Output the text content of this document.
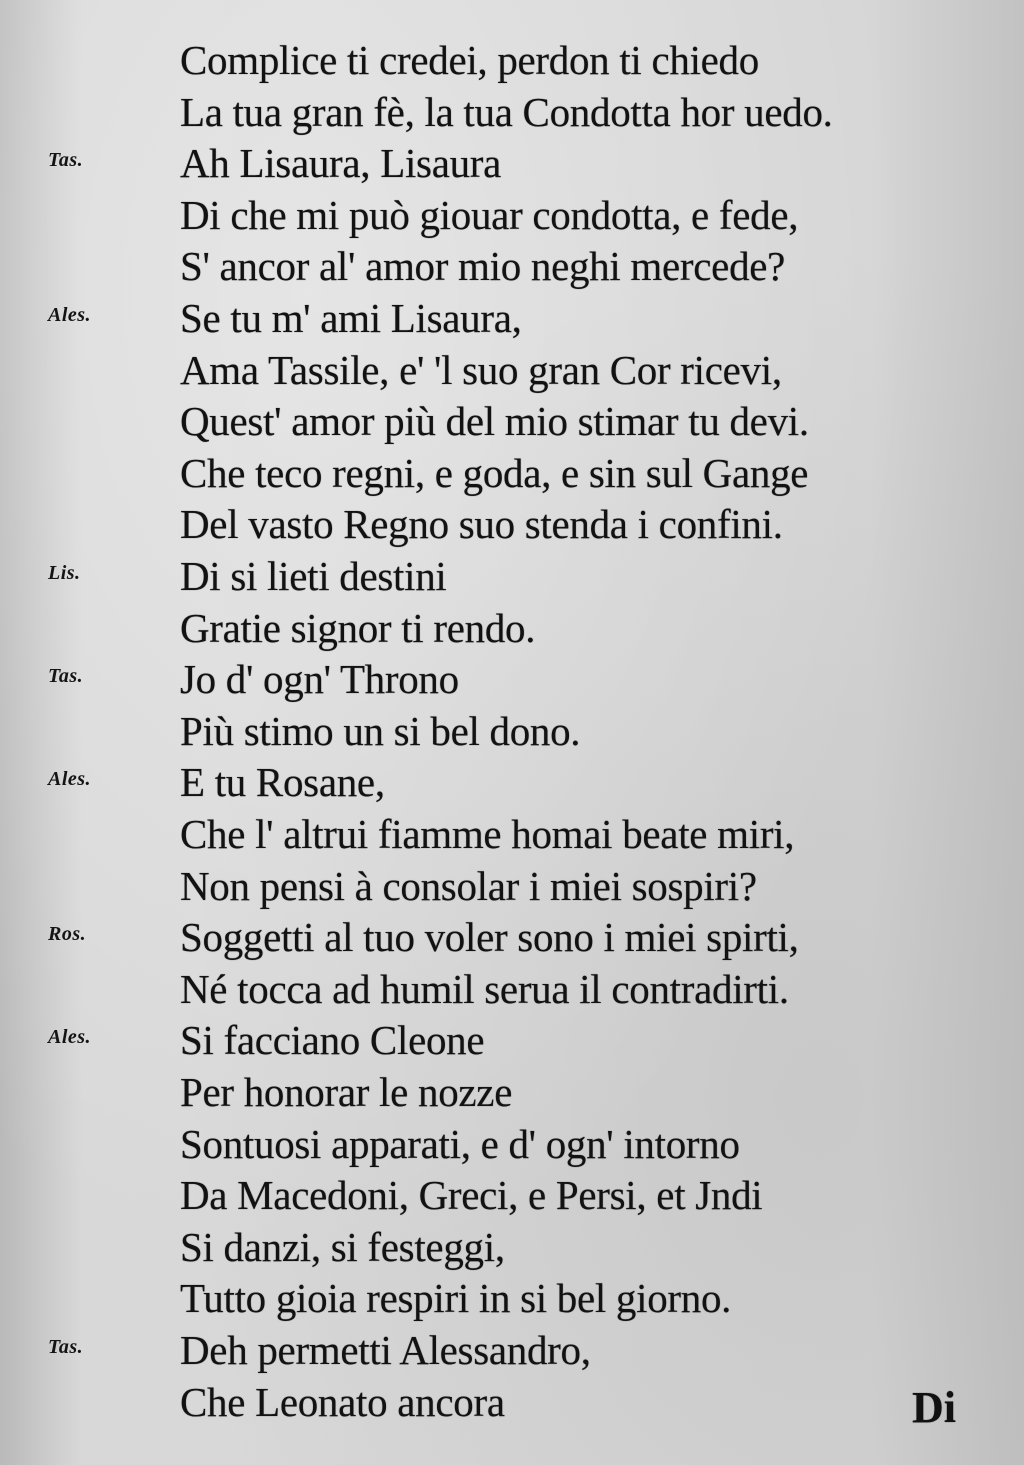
Complice ti credei, perdon ti chiedo
La tua gran fè, la tua Condotta hor uedo.
Tas.	Ah Lisaura, Lisaura
Di che mi può giouar condotta, e fede,
S' ancor al' amor mio neghi mercede?
Ales.	Se tu m' ami Lisaura,
Ama Tassile, e' 'l suo gran Cor ricevi,
Quest' amor più del mio stimar tu devi.
Che teco regni, e goda, e sin sul Gange
Del vasto Regno suo stenda i confini.
Lis.	Di si lieti destini
Gratie signor ti rendo.
Tas.	Jo d' ogn' Throno
Più stimo un si bel dono.
Ales.	E tu Rosane,
Che l' altrui fiamme homai beate miri,
Non pensi à consolar i miei sospiri?
Ros.	Soggetti al tuo voler sono i miei spirti,
Né tocca ad humil serua il contradirti.
Ales.	Si facciano Cleone
Per honorar le nozze
Sontuosi apparati, e d' ogn' intorno
Da Macedoni, Greci, e Persi, et Jndi
Si danzi, si festeggi,
Tutto gioia respiri in si bel giorno.
Tas.	Deh permetti Alessandro,
Che Leonato ancora	Di
